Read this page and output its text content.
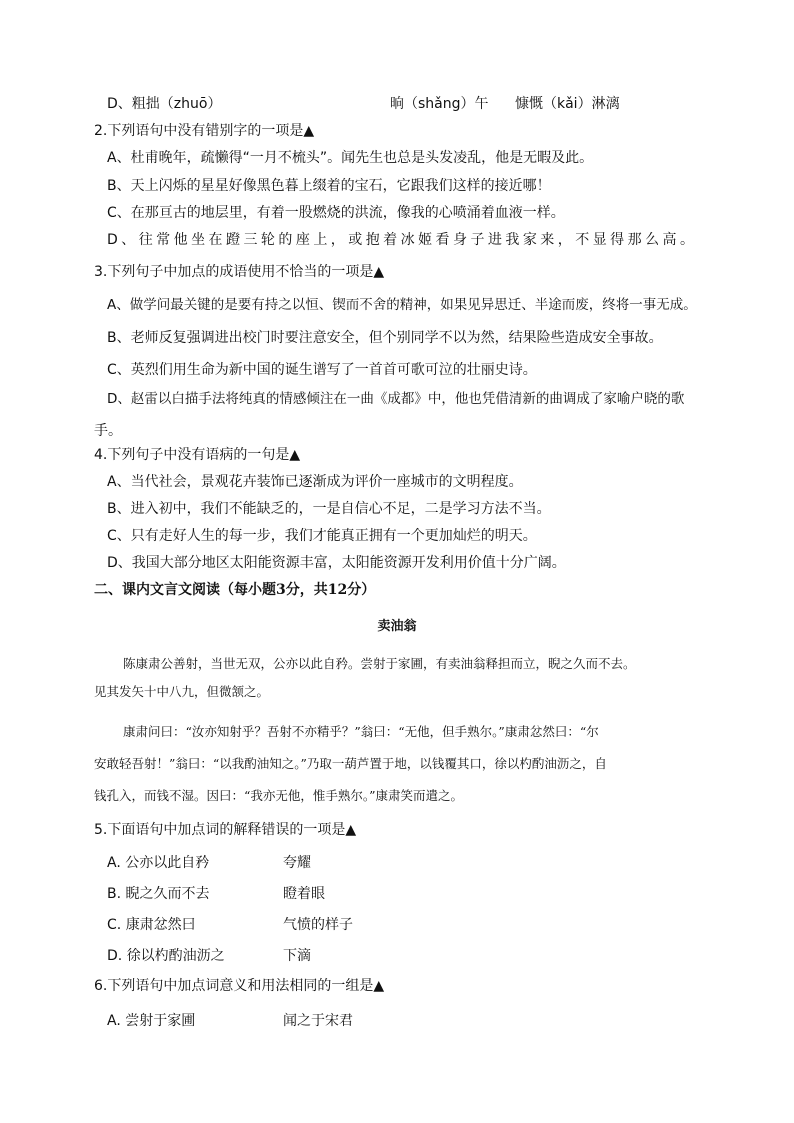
D、粗拙（zhuō）	晌（shǎng）午 慷慨（kǎi）淋漓
2.下列语句中没有错别字的一项是▲
A、杜甫晚年，疏懒得“一月不梳头”。闻先生也总是头发凌乱，他是无暇及此。
B、天上闪烁的星星好像黑色暮上缀着的宝石，它跟我们这样的接近哪！
C、在那亘古的地层里，有着一股燃烧的洪流，像我的心喷涌着血液一样。
D、往常他坐在蹬三轮的座上，或抱着冰姬看身子进我家来，不显得那么高。
3.下列句子中加点的成语使用不恰当的一项是▲
A、做学问最关键的是要有持之以恒、锲而不舍的精神，如果见异思迁、半途而废，终将一事无成。
B、老师反复强调进出校门时要注意安全，但个别同学不以为然，结果险些造成安全事故。
C、英烈们用生命为新中国的诞生谱写了一首首可歌可泣的壮丽史诗。
D、赵雷以白描手法将纯真的情感倾注在一曲《成都》中，他也凭借清新的曲调成了家喻户晓的歌
手。
4.下列句子中没有语病的一句是▲
A、当代社会，景观花卉装饰已逐渐成为评价一座城市的文明程度。
B、进入初中，我们不能缺乏的，一是自信心不足，二是学习方法不当。
C、只有走好人生的每一步，我们才能真正拥有一个更加灿烂的明天。
D、我国大部分地区太阳能资源丰富，太阳能资源开发利用价值十分广阔。
二、课内文言文阅读（每小题3分，共12分）
卖油翁
陈康肃公善射，当世无双，公亦以此自矜。尝射于家圃，有卖油翁释担而立，睨之久而不去。
见其发矢十中八九，但微颔之。
康肃问曰：“汝亦知射乎？吾射不亦精乎？”翁曰：“无他，但手熟尔。”康肃忿然曰：“尔
安敢轻吾射！”翁曰：“以我酌油知之。”乃取一葫芦置于地，以钱覆其口，徐以杓酌油沥之，自
钱孔入，而钱不湿。因曰：“我亦无他，惟手熟尔。”康肃笑而遣之。
5.下面语句中加点词的解释错误的一项是▲
A. 公亦以此自矜	夸耀
B. 睨之久而不去	瞪着眼
C. 康肃忿然曰	气愤的样子
D. 徐以杓酌油沥之	下滴
6.下列语句中加点词意义和用法相同的一组是▲
A. 尝射于家圃	闻之于宋君
